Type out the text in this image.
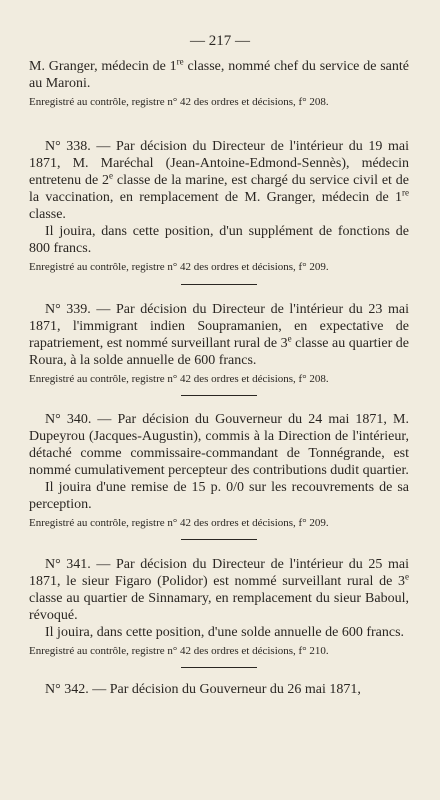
— 217 —

M. Granger, médecin de 1re classe, nommé chef du service de santé au Maroni.

Enregistré au contrôle, registre n° 42 des ordres et décisions, f° 208.

N° 338. — Par décision du Directeur de l'intérieur du 19 mai 1871, M. Maréchal (Jean-Antoine-Edmond-Sennès), médecin entretenu de 2e classe de la marine, est chargé du service civil et de la vaccination, en remplacement de M. Granger, médecin de 1re classe.

Il jouira, dans cette position, d'un supplément de fonctions de 800 francs.

Enregistré au contrôle, registre n° 42 des ordres et décisions, f° 209.

N° 339. — Par décision du Directeur de l'intérieur du 23 mai 1871, l'immigrant indien Soupramanien, en expectative de rapatriement, est nommé surveillant rural de 3e classe au quartier de Roura, à la solde annuelle de 600 francs.

Enregistré au contrôle, registre n° 42 des ordres et décisions, f° 208.

N° 340. — Par décision du Gouverneur du 24 mai 1871, M. Dupeyrou (Jacques-Augustin), commis à la Direction de l'intérieur, détaché comme commissaire-commandant de Tonnégrande, est nommé cumulativement percepteur des contributions dudit quartier.

Il jouira d'une remise de 15 p. 0/0 sur les recouvrements de sa perception.

Enregistré au contrôle, registre n° 42 des ordres et décisions, f° 209.

N° 341. — Par décision du Directeur de l'intérieur du 25 mai 1871, le sieur Figaro (Polidor) est nommé surveillant rural de 3e classe au quartier de Sinnamary, en remplacement du sieur Baboul, révoqué.

Il jouira, dans cette position, d'une solde annuelle de 600 francs.

Enregistré au contrôle, registre n° 42 des ordres et décisions, f° 210.

N° 342. — Par décision du Gouverneur du 26 mai 1871,
